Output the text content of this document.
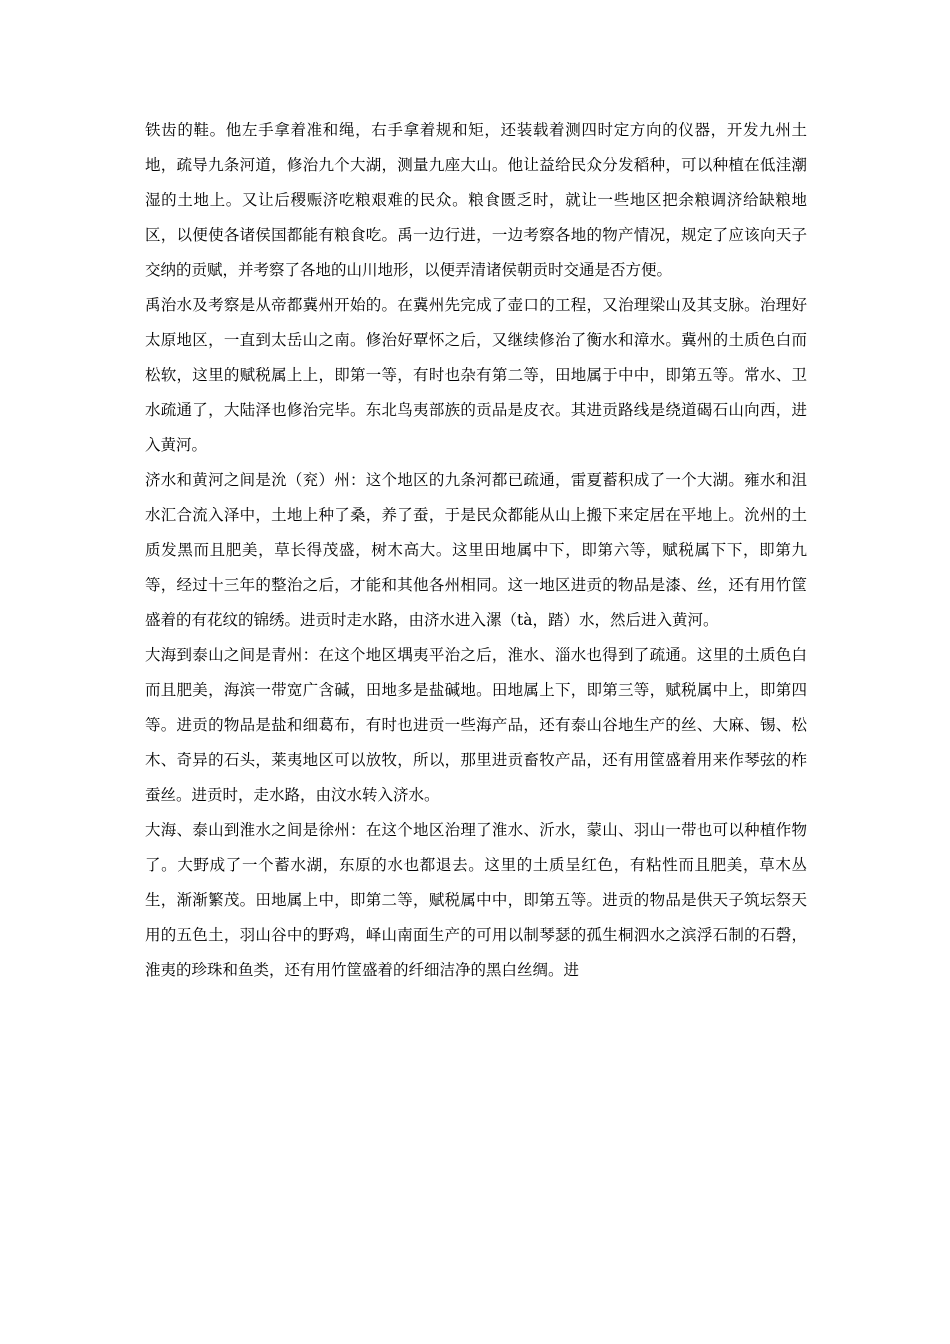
铁齿的鞋。他左手拿着准和绳，右手拿着规和矩，还装载着测四时定方向的仪器，开发九州土地，疏导九条河道，修治九个大湖，测量九座大山。他让益给民众分发稻种，可以种植在低洼潮湿的土地上。又让后稷赈济吃粮艰难的民众。粮食匮乏时，就让一些地区把余粮调济给缺粮地区，以便使各诸侯国都能有粮食吃。禹一边行进，一边考察各地的物产情况，规定了应该向天子交纳的贡赋，并考察了各地的山川地形，以便弄清诸侯朝贡时交通是否方便。

禹治水及考察是从帝都冀州开始的。在冀州先完成了壶口的工程，又治理梁山及其支脉。治理好太原地区，一直到太岳山之南。修治好覃怀之后，又继续修治了衡水和漳水。冀州的土质色白而松软，这里的赋税属上上，即第一等，有时也杂有第二等，田地属于中中，即第五等。常水、卫水疏通了，大陆泽也修治完毕。东北鸟夷部族的贡品是皮衣。其进贡路线是绕道碣石山向西，进入黄河。

济水和黄河之间是沇（兖）州：这个地区的九条河都已疏通，雷夏蓄积成了一个大湖。雍水和沮水汇合流入泽中，土地上种了桑，养了蚕，于是民众都能从山上搬下来定居在平地上。沇州的土质发黑而且肥美，草长得茂盛，树木高大。这里田地属中下，即第六等，赋税属下下，即第九等，经过十三年的整治之后，才能和其他各州相同。这一地区进贡的物品是漆、丝，还有用竹筐盛着的有花纹的锦绣。进贡时走水路，由济水进入漯（tà，踏）水，然后进入黄河。

大海到泰山之间是青州：在这个地区堣夷平治之后，淮水、淄水也得到了疏通。这里的土质色白而且肥美，海滨一带宽广含碱，田地多是盐碱地。田地属上下，即第三等，赋税属中上，即第四等。进贡的物品是盐和细葛布，有时也进贡一些海产品，还有泰山谷地生产的丝、大麻、锡、松木、奇异的石头，莱夷地区可以放牧，所以，那里进贡畜牧产品，还有用筐盛着用来作琴弦的柞蚕丝。进贡时，走水路，由汶水转入济水。

大海、泰山到淮水之间是徐州：在这个地区治理了淮水、沂水，蒙山、羽山一带也可以种植作物了。大野成了一个蓄水湖，东原的水也都退去。这里的土质呈红色，有粘性而且肥美，草木丛生，渐渐繁茂。田地属上中，即第二等，赋税属中中，即第五等。进贡的物品是供天子筑坛祭天用的五色土，羽山谷中的野鸡，峄山南面生产的可用以制琴瑟的孤生桐泗水之滨浮石制的石磬，淮夷的珍珠和鱼类，还有用竹筐盛着的纤细洁净的黑白丝绸。进
